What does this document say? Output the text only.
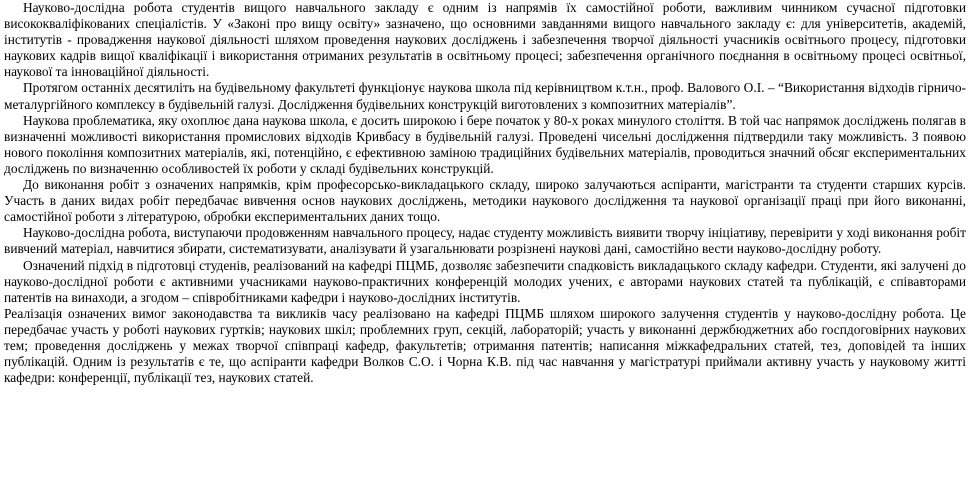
Науково-дослідна робота студентів вищого навчального закладу є одним із напрямів їх самостійної роботи, важливим чинником сучасної підготовки висококваліфікованих спеціалістів. У «Законі про вищу освіту» зазначено, що основними завданнями вищого навчального закладу є: для університетів, академій, інститутів - провадження наукової діяльності шляхом проведення наукових досліджень і забезпечення творчої діяльності учасників освітнього процесу, підготовки наукових кадрів вищої кваліфікації і використання отриманих результатів в освітньому процесі; забезпечення органічного поєднання в освітньому процесі освітньої, наукової та інноваційної діяльності.

Протягом останніх десятиліть на будівельному факультеті функціонує наукова школа під керівництвом к.т.н., проф. Валового О.І. – “Використання відходів гірничо-металургійного комплексу в будівельній галузі. Дослідження будівельних конструкцій виготовлених з композитних матеріалів”.

Наукова проблематика, яку охоплює дана наукова школа, є досить широкою і бере початок у 80-х роках минулого століття. В той час напрямок досліджень полягав в визначенні можливості використання промислових відходів Кривбасу в будівельній галузі. Проведені чисельні дослідження підтвердили таку можливість. З появою нового покоління композитних матеріалів, які, потенційно, є ефективною заміною традиційних будівельних матеріалів, проводиться значний обсяг експериментальних досліджень по визначенню особливостей їх роботи у складі будівельних конструкцій.

До виконання робіт з означених напрямків, крім професорсько-викладацького складу, широко залучаються аспіранти, магістранти та студенти старших курсів. Участь в даних видах робіт передбачає вивчення основ наукових досліджень, методики наукового дослідження та наукової організації праці при його виконанні, самостійної роботи з літературою, обробки експериментальних даних тощо.

Науково-дослідна робота, виступаючи продовженням навчального процесу, надає студенту можливість виявити творчу ініціативу, перевірити у ході виконання робіт вивчений матеріал, навчитися збирати, систематизувати, аналізувати й узагальнювати розрізнені наукові дані, самостійно вести науково-дослідну роботу.

Означений підхід в підготовці студенів, реалізований на кафедрі ПЦМБ, дозволяє забезпечити спадковість викладацького складу кафедри. Студенти, які залучені до науково-дослідної роботи є активними учасниками науково-практичних конференцій молодих учених, є авторами наукових статей та публікацій, є співавторами патентів на винаходи, а згодом – співробітниками кафедри і науково-дослідних інститутів.

Реалізація означених вимог законодавства та викликів часу реалізовано на кафедрі ПЦМБ шляхом широкого залучення студентів у науково-дослідну робота. Це передбачає участь у роботі наукових гуртків; наукових шкіл; проблемних груп, секцій, лабораторій; участь у виконанні держбюджетних або госпдоговірних наукових тем; проведення досліджень у межах творчої співпраці кафедр, факультетів; отримання патентів; написання міжкафедральних статей, тез, доповідей та інших публікацій. Одним із результатів є те, що аспіранти кафедри Волков С.О. і Чорна К.В. під час навчання у магістратурі приймали активну участь у науковому житті кафедри: конференції, публікації тез, наукових статей.
